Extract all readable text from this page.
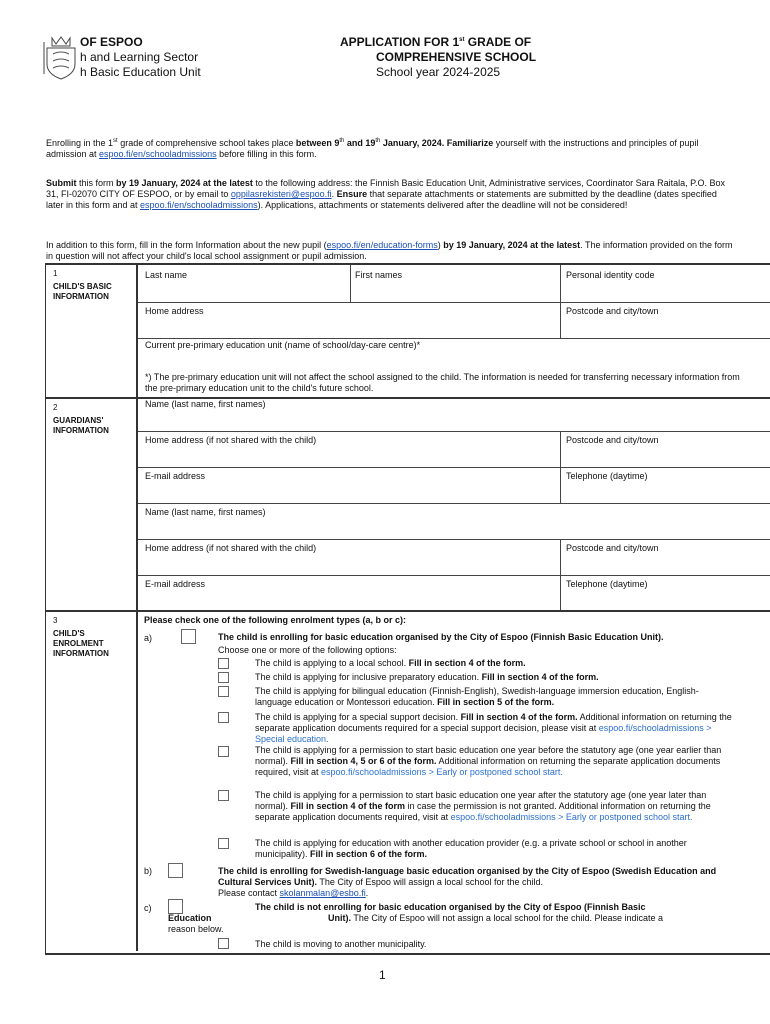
OF ESPOO
h and Learning Sector
h Basic Education Unit
APPLICATION FOR 1st GRADE OF
COMPREHENSIVE SCHOOL
School year 2024-2025
Enrolling in the 1st grade of comprehensive school takes place between 9th and 19th January, 2024. Familiarize yourself with the instructions and principles of pupil admission at espoo.fi/en/schooladmissions before filling in this form.
Submit this form by 19 January, 2024 at the latest to the following address: the Finnish Basic Education Unit, Administrative services, Coordinator Sara Raitala, P.O. Box 31, FI-02070 CITY OF ESPOO, or by email to oppilasrekisteri@espoo.fi. Ensure that separate attachments or statements are submitted by the deadline (dates specified later in this form and at espoo.fi/en/schooladmissions). Applications, attachments or statements delivered after the deadline will not be considered!
In addition to this form, fill in the form Information about the new pupil (espoo.fi/en/education-forms) by 19 January, 2024 at the latest. The information provided on the form in question will not affect your child's local school assignment or pupil admission.
1
CHILD'S BASIC INFORMATION
Last name	First names	Personal identity code
Home address	Postcode and city/town
Current pre-primary education unit (name of school/day-care centre)*
*) The pre-primary education unit will not affect the school assigned to the child. The information is needed for transferring necessary information from the pre-primary education unit to the child's future school.
2
GUARDIANS' INFORMATION
Name (last name, first names)
Home address (if not shared with the child)	Postcode and city/town
E-mail address	Telephone (daytime)
Name (last name, first names)
Home address (if not shared with the child)	Postcode and city/town
E-mail address	Telephone (daytime)
3
CHILD'S ENROLMENT INFORMATION
Please check one of the following enrolment types (a, b or c):
a)	The child is enrolling for basic education organised by the City of Espoo (Finnish Basic Education Unit).
Choose one or more of the following options:
The child is applying to a local school. Fill in section 4 of the form.
The child is applying for inclusive preparatory education. Fill in section 4 of the form.
The child is applying for bilingual education (Finnish-English), Swedish-language immersion education, English-language education or Montessori education. Fill in section 5 of the form.
The child is applying for a special support decision. Fill in section 4 of the form. Additional information on returning the separate application documents required for a special support decision, please visit at espoo.fi/schooladmissions > Special education.
The child is applying for a permission to start basic education one year before the statutory age (one year earlier than normal). Fill in section 4, 5 or 6 of the form. Additional information on returning the separate application documents required, visit at espoo.fi/schooladmissions > Early or postponed school start.
The child is applying for a permission to start basic education one year after the statutory age (one year later than normal). Fill in section 4 of the form in case the permission is not granted. Additional information on returning the separate application documents required, visit at espoo.fi/schooladmissions > Early or postponed school start.
The child is applying for education with another education provider (e.g. a private school or school in another municipality). Fill in section 6 of the form.
b)	The child is enrolling for Swedish-language basic education organised by the City of Espoo (Swedish Education and Cultural Services Unit). The City of Espoo will assign a local school for the child.
Please contact skolanmalan@esbo.fi.
c)	The child is not enrolling for basic education organised by the City of Espoo (Finnish Basic
Education	Unit). The City of Espoo will not assign a local school for the child. Please indicate a
reason below.
The child is moving to another municipality.
1
